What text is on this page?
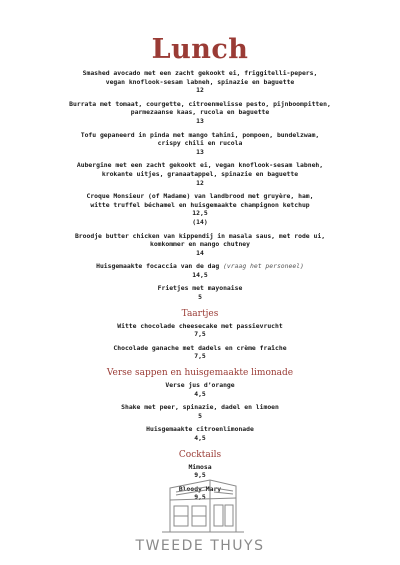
Lunch
Smashed avocado met een zacht gekookt ei, friggitelli-pepers,
vegan knoflook-sesam labneh, spinazie en baguette
12
Burrata met tomaat, courgette, citroenmelisse pesto, pijnboompitten,
parmezaanse kaas, rucola en baguette
13
Tofu gepaneerd in pinda met mango tahini, pompoen, bundelzwam,
crispy chili en rucola
13
Aubergine met een zacht gekookt ei, vegan knoflook-sesam labneh,
krokante uitjes, granaatappel, spinazie en baguette
12
Croque Monsieur (of Madame) van landbrood met gruyère, ham,
witte truffel béchamel en huisgemaakte champignon ketchup
12,5
(14)
Broodje butter chicken van kippendij in masala saus, met rode ui,
komkommer en mango chutney
14
Huisgemaakte focaccia van de dag (vraag het personeel)
14,5
Frietjes met mayonaise
5
Taartjes
Witte chocolade cheesecake met passievrucht
7,5
Chocolade ganache met dadels en crème fraîche
7,5
Verse sappen en huisgemaakte limonade
Verse jus d’orange
4,5
Shake met peer, spinazie, dadel en limoen
5
Huisgemaakte citroenlimonade
4,5
Cocktails
Mimosa
9,5
Bloody Mary
9,5
TWEEDE THUYS
